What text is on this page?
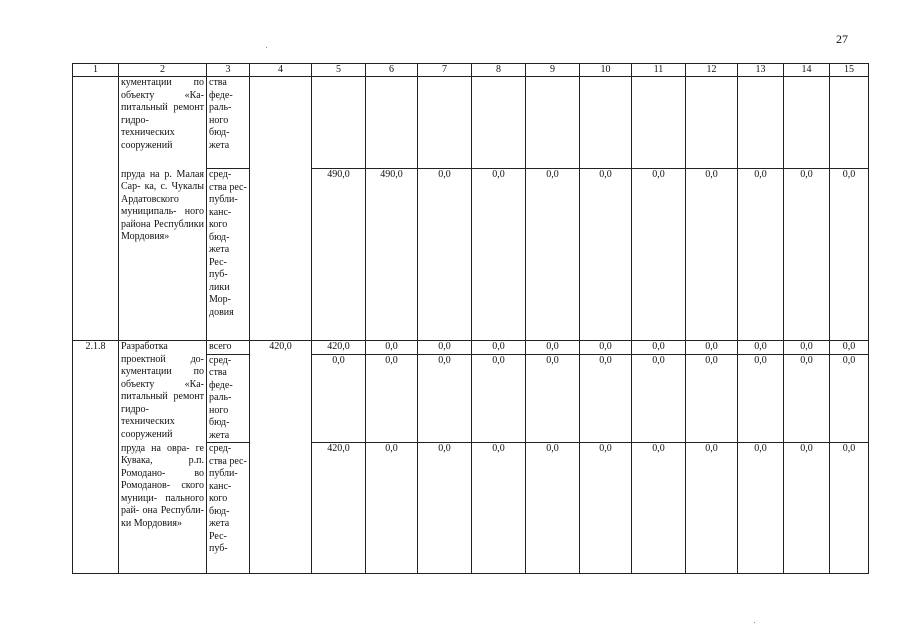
27
1	2	3	4	5	6	7	8	9	10	11	12	13	14	15
	кументации по объекту «Ка- питальный ремонт гидро- технических сооружений	ства феде- раль- ного бюд- жета												
	пруда на р. Малая Сар- ка, с. Чукалы Ардатовского муниципаль- ного района Республики Мордовия»	сред- ства рес- публи- канс- кого бюд- жета Рес- пуб- лики Мор- довия		490,0	490,0	0,0	0,0	0,0	0,0	0,0	0,0	0,0	0,0	0,0
2.1.8	Разработка проектной до- кументации по объекту «Ка- питальный ремонт гидро- технических сооружений	всего	420,0	420,0	0,0	0,0	0,0	0,0	0,0	0,0	0,0	0,0	0,0	0,0
		сред- ства феде- раль- ного бюд- жета		0,0	0,0	0,0	0,0	0,0	0,0	0,0	0,0	0,0	0,0	0,0
	пруда на овра- ге Кувака, р.п. Ромодано- во Ромоданов- ского муници- пального рай- она Республи- ки Мордовия»	сред- ства рес- публи- канс- кого бюд- жета Рес- пуб-		420,0	0,0	0,0	0,0	0,0	0,0	0,0	0,0	0,0	0,0	0,0
